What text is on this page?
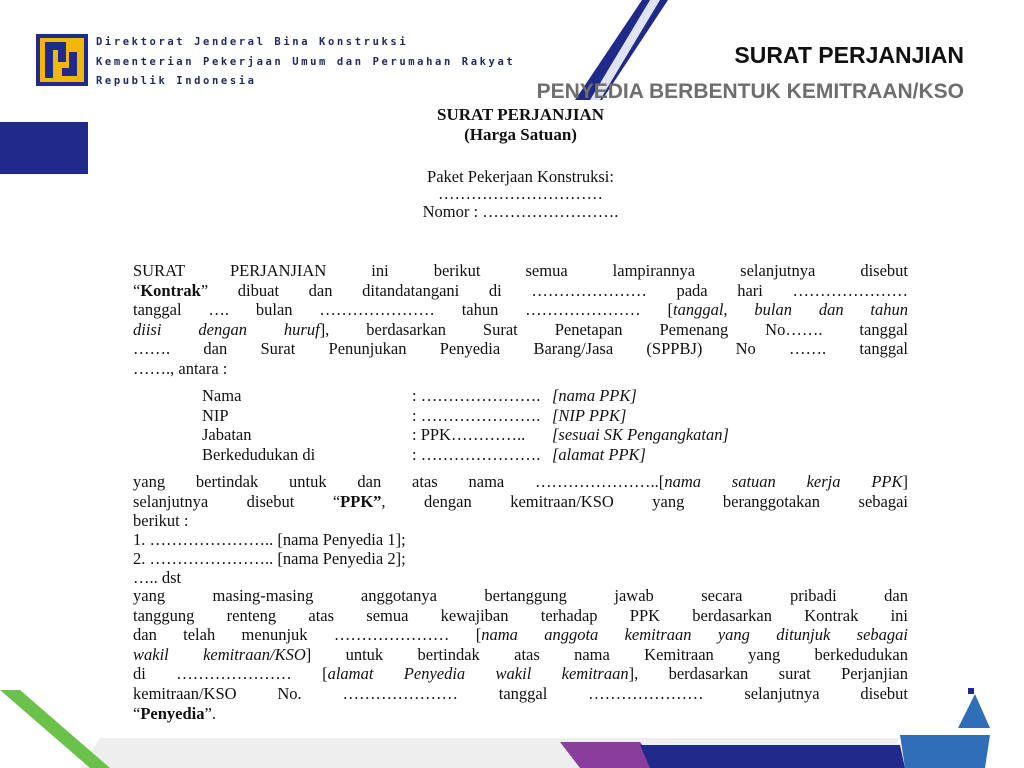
Direktorat Jenderal Bina Konstruksi
Kementerian Pekerjaan Umum dan Perumahan Rakyat
Republik Indonesia
SURAT PERJANJIAN
PENYEDIA BERBENTUK KEMITRAAN/KSO
SURAT PERJANJIAN
(Harga Satuan)
Paket Pekerjaan Konstruksi:
…………………………
Nomor : …………………….
SURAT PERJANJIAN ini berikut semua lampirannya selanjutnya disebut
“Kontrak” dibuat dan ditandatangani di ………………… pada hari …………………
tanggal …. bulan ………………… tahun ………………… [tanggal, bulan dan tahun
diisi dengan huruf], berdasarkan Surat Penetapan Pemenang No……. tanggal
……. dan Surat Penunjukan Penyedia Barang/Jasa (SPPBJ) No ……. tanggal
……., antara :
Nama	: …………………. [nama PPK]
NIP	: …………………. [NIP PPK]
Jabatan	: PPK…………..	[sesuai SK Pengangkatan]
Berkedudukan di	: …………………. [alamat PPK]
yang bertindak untuk dan atas nama …………………..[nama satuan kerja PPK]
selanjutnya disebut “PPK”, dengan kemitraan/KSO yang beranggotakan sebagai
berikut :
1. ………………….. [nama Penyedia 1];
2. ………………….. [nama Penyedia 2];
….. dst
yang masing-masing anggotanya bertanggung jawab secara pribadi dan
tanggung renteng atas semua kewajiban terhadap PPK berdasarkan Kontrak ini
dan telah menunjuk ………………… [nama anggota kemitraan yang ditunjuk sebagai
wakil kemitraan/KSO] untuk bertindak atas nama Kemitraan yang berkedudukan
di ………………… [alamat Penyedia wakil kemitraan], berdasarkan surat Perjanjian
kemitraan/KSO No. ………………… tanggal ………………… selanjutnya disebut
“Penyedia”.
